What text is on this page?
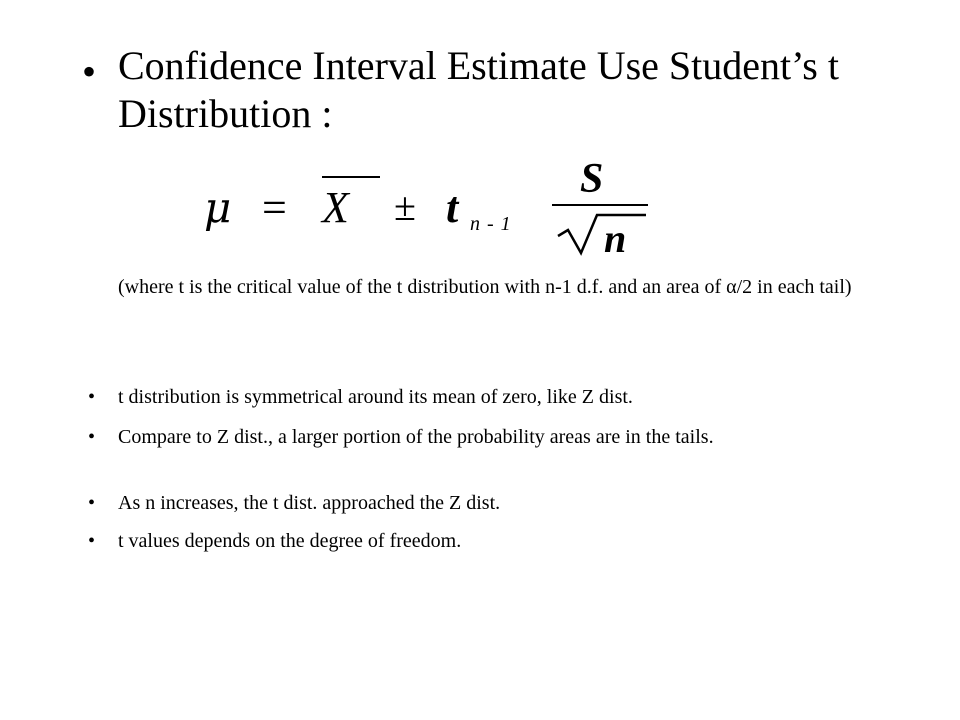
• Confidence Interval Estimate Use Student’s t Distribution :
μ = X ± t n - 1
S
n
(where t is the critical value of the t distribution with n-1 d.f. and an area of α/2 in each tail)
•	t distribution is symmetrical around its mean of zero, like Z dist.
•	Compare to Z dist., a larger portion of the probability areas are in the tails.
•	As n increases, the t dist. approached the Z dist.
•	t values depends on the degree of freedom.
